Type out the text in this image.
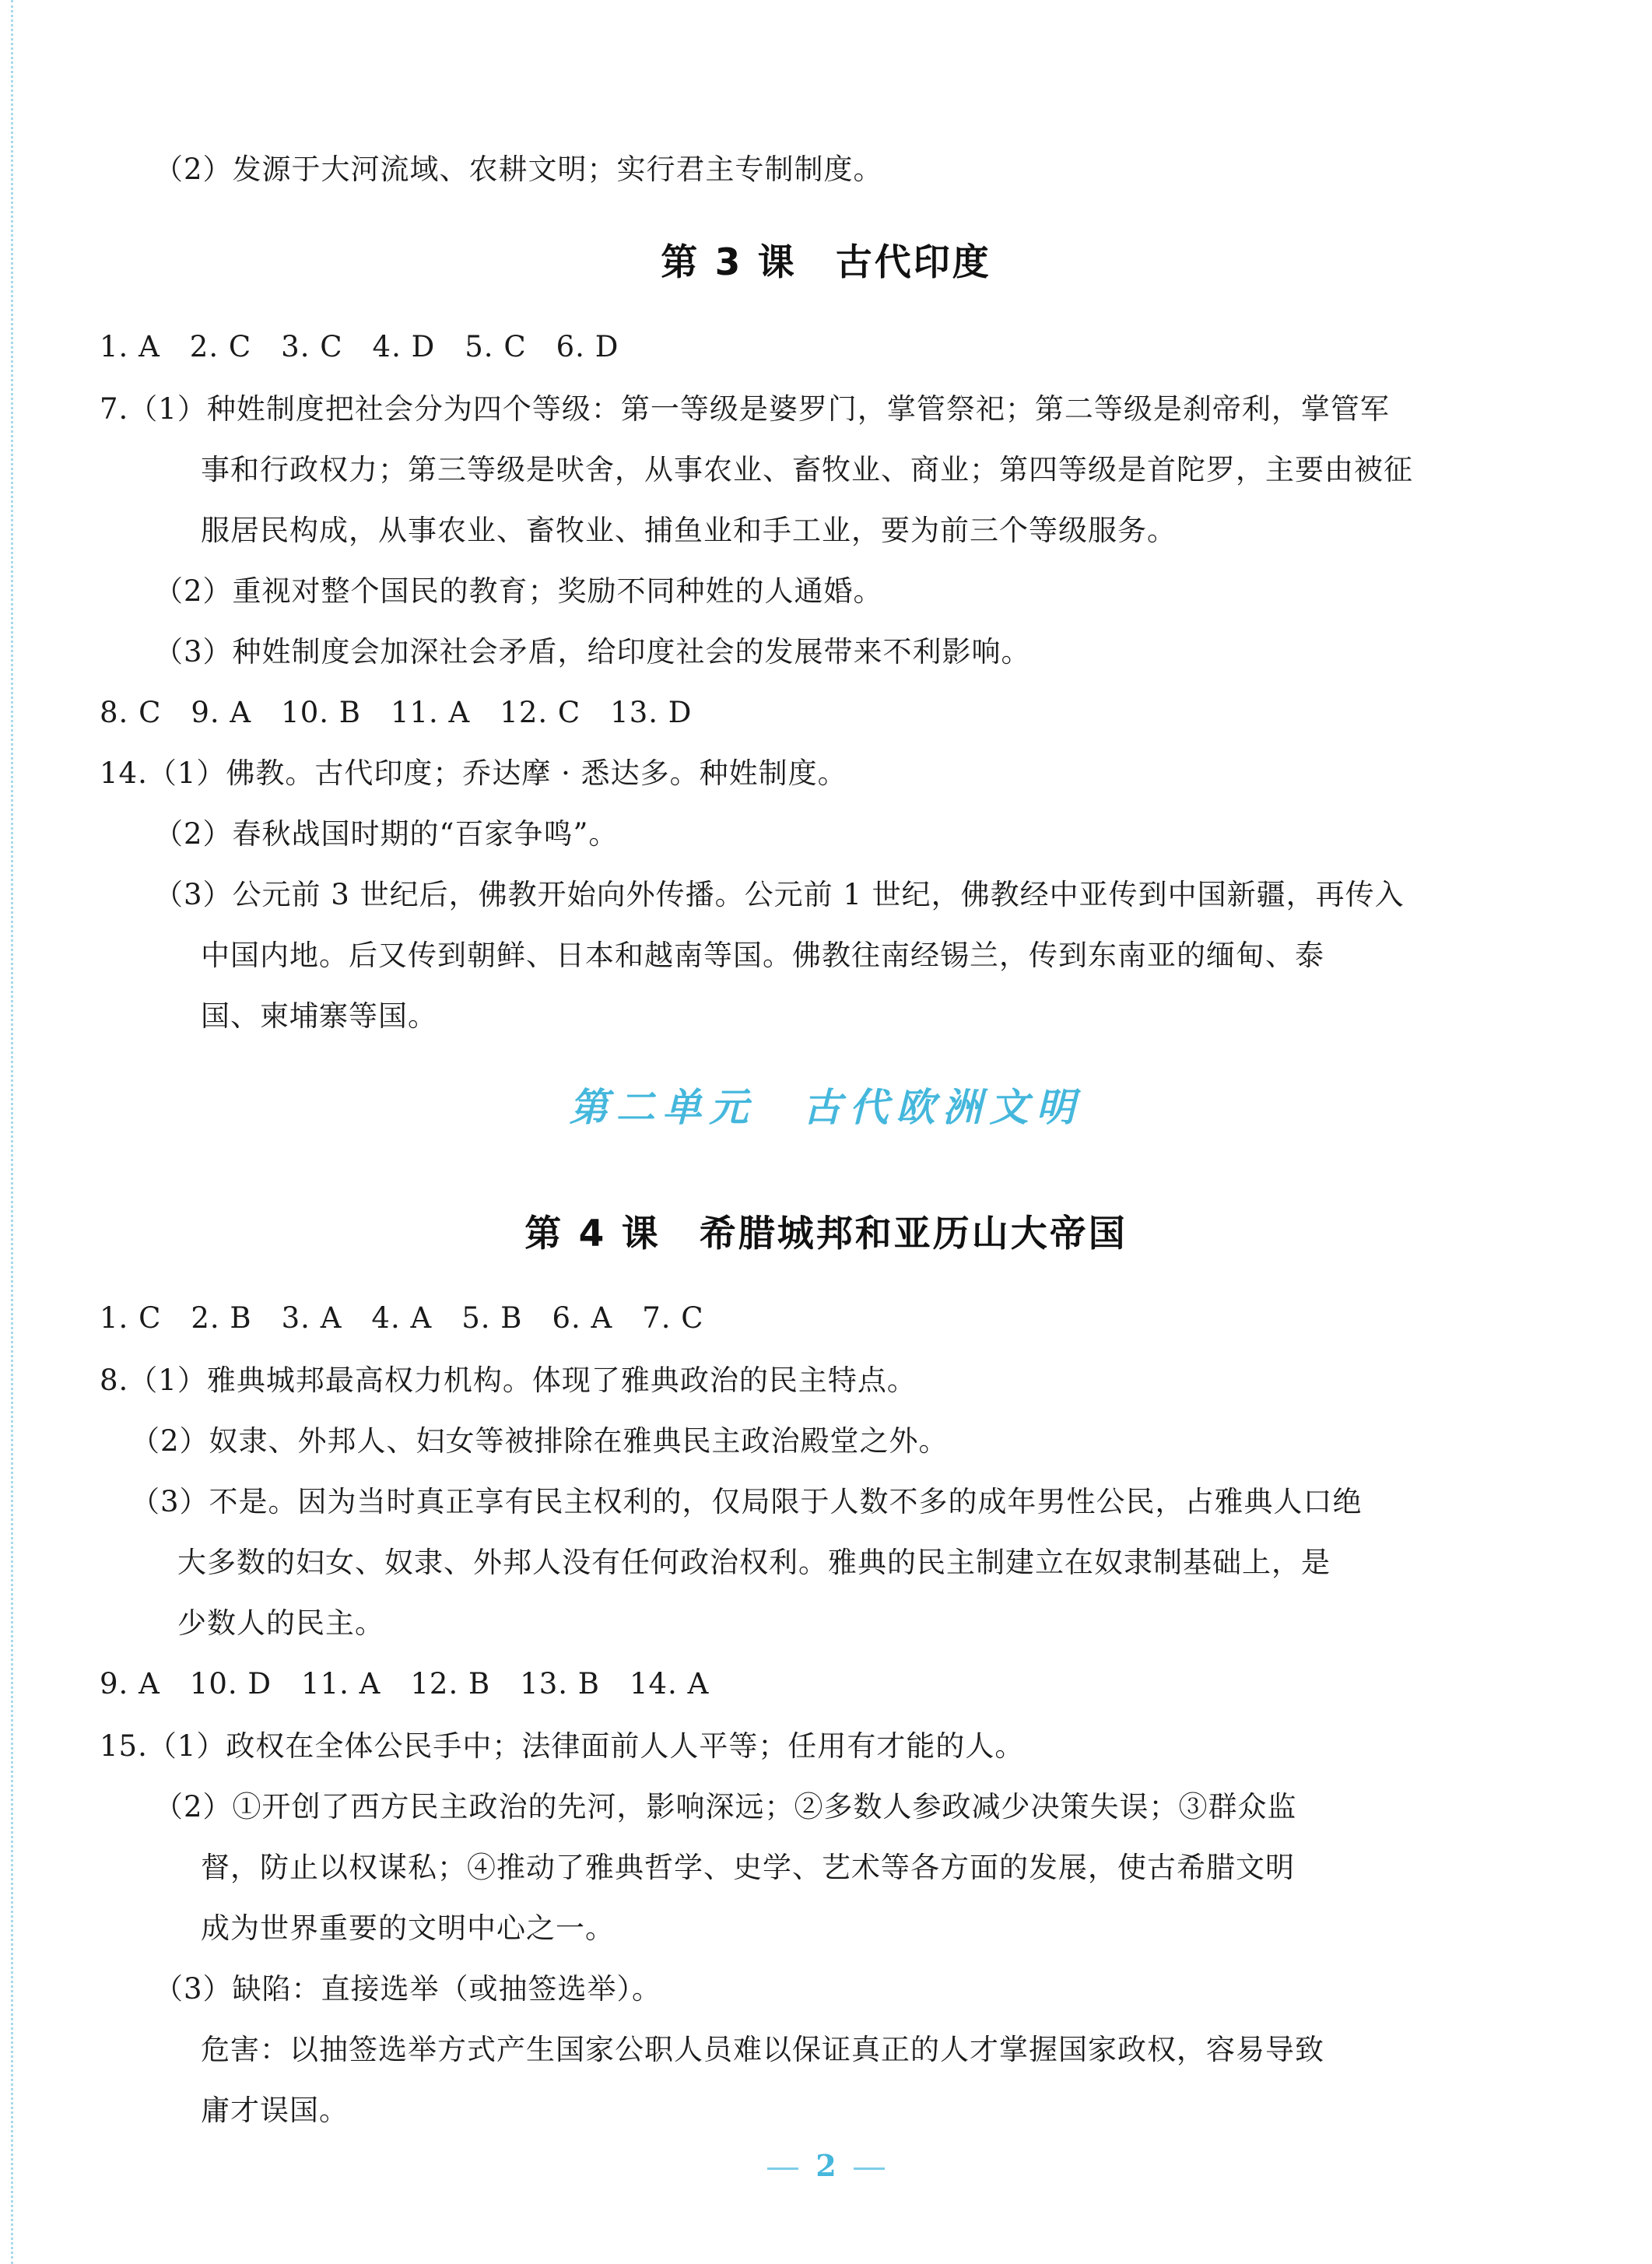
（2）发源于大河流域、农耕文明；实行君主专制制度。
第 3 课　古代印度
1. A　2. C　3. C　4. D　5. C　6. D
7.（1）种姓制度把社会分为四个等级：第一等级是婆罗门，掌管祭祀；第二等级是刹帝利，掌管军
事和行政权力；第三等级是吠舍，从事农业、畜牧业、商业；第四等级是首陀罗，主要由被征
服居民构成，从事农业、畜牧业、捕鱼业和手工业，要为前三个等级服务。
（2）重视对整个国民的教育；奖励不同种姓的人通婚。
（3）种姓制度会加深社会矛盾，给印度社会的发展带来不利影响。
8. C　9. A　10. B　11. A　12. C　13. D
14.（1）佛教。古代印度；乔达摩 · 悉达多。种姓制度。
（2）春秋战国时期的“百家争鸣”。
（3）公元前 3 世纪后，佛教开始向外传播。公元前 1 世纪，佛教经中亚传到中国新疆，再传入
中国内地。后又传到朝鲜、日本和越南等国。佛教往南经锡兰，传到东南亚的缅甸、泰
国、柬埔寨等国。
第二单元　古代欧洲文明
第 4 课　希腊城邦和亚历山大帝国
1. C　2. B　3. A　4. A　5. B　6. A　7. C
8.（1）雅典城邦最高权力机构。体现了雅典政治的民主特点。
（2）奴隶、外邦人、妇女等被排除在雅典民主政治殿堂之外。
（3）不是。因为当时真正享有民主权利的，仅局限于人数不多的成年男性公民，占雅典人口绝
大多数的妇女、奴隶、外邦人没有任何政治权利。雅典的民主制建立在奴隶制基础上，是
少数人的民主。
9. A　10. D　11. A　12. B　13. B　14. A
15.（1）政权在全体公民手中；法律面前人人平等；任用有才能的人。
（2）①开创了西方民主政治的先河，影响深远；②多数人参政减少决策失误；③群众监
督，防止以权谋私；④推动了雅典哲学、史学、艺术等各方面的发展，使古希腊文明
成为世界重要的文明中心之一。
（3）缺陷：直接选举（或抽签选举）。
危害：以抽签选举方式产生国家公职人员难以保证真正的人才掌握国家政权，容易导致
庸才误国。
2
